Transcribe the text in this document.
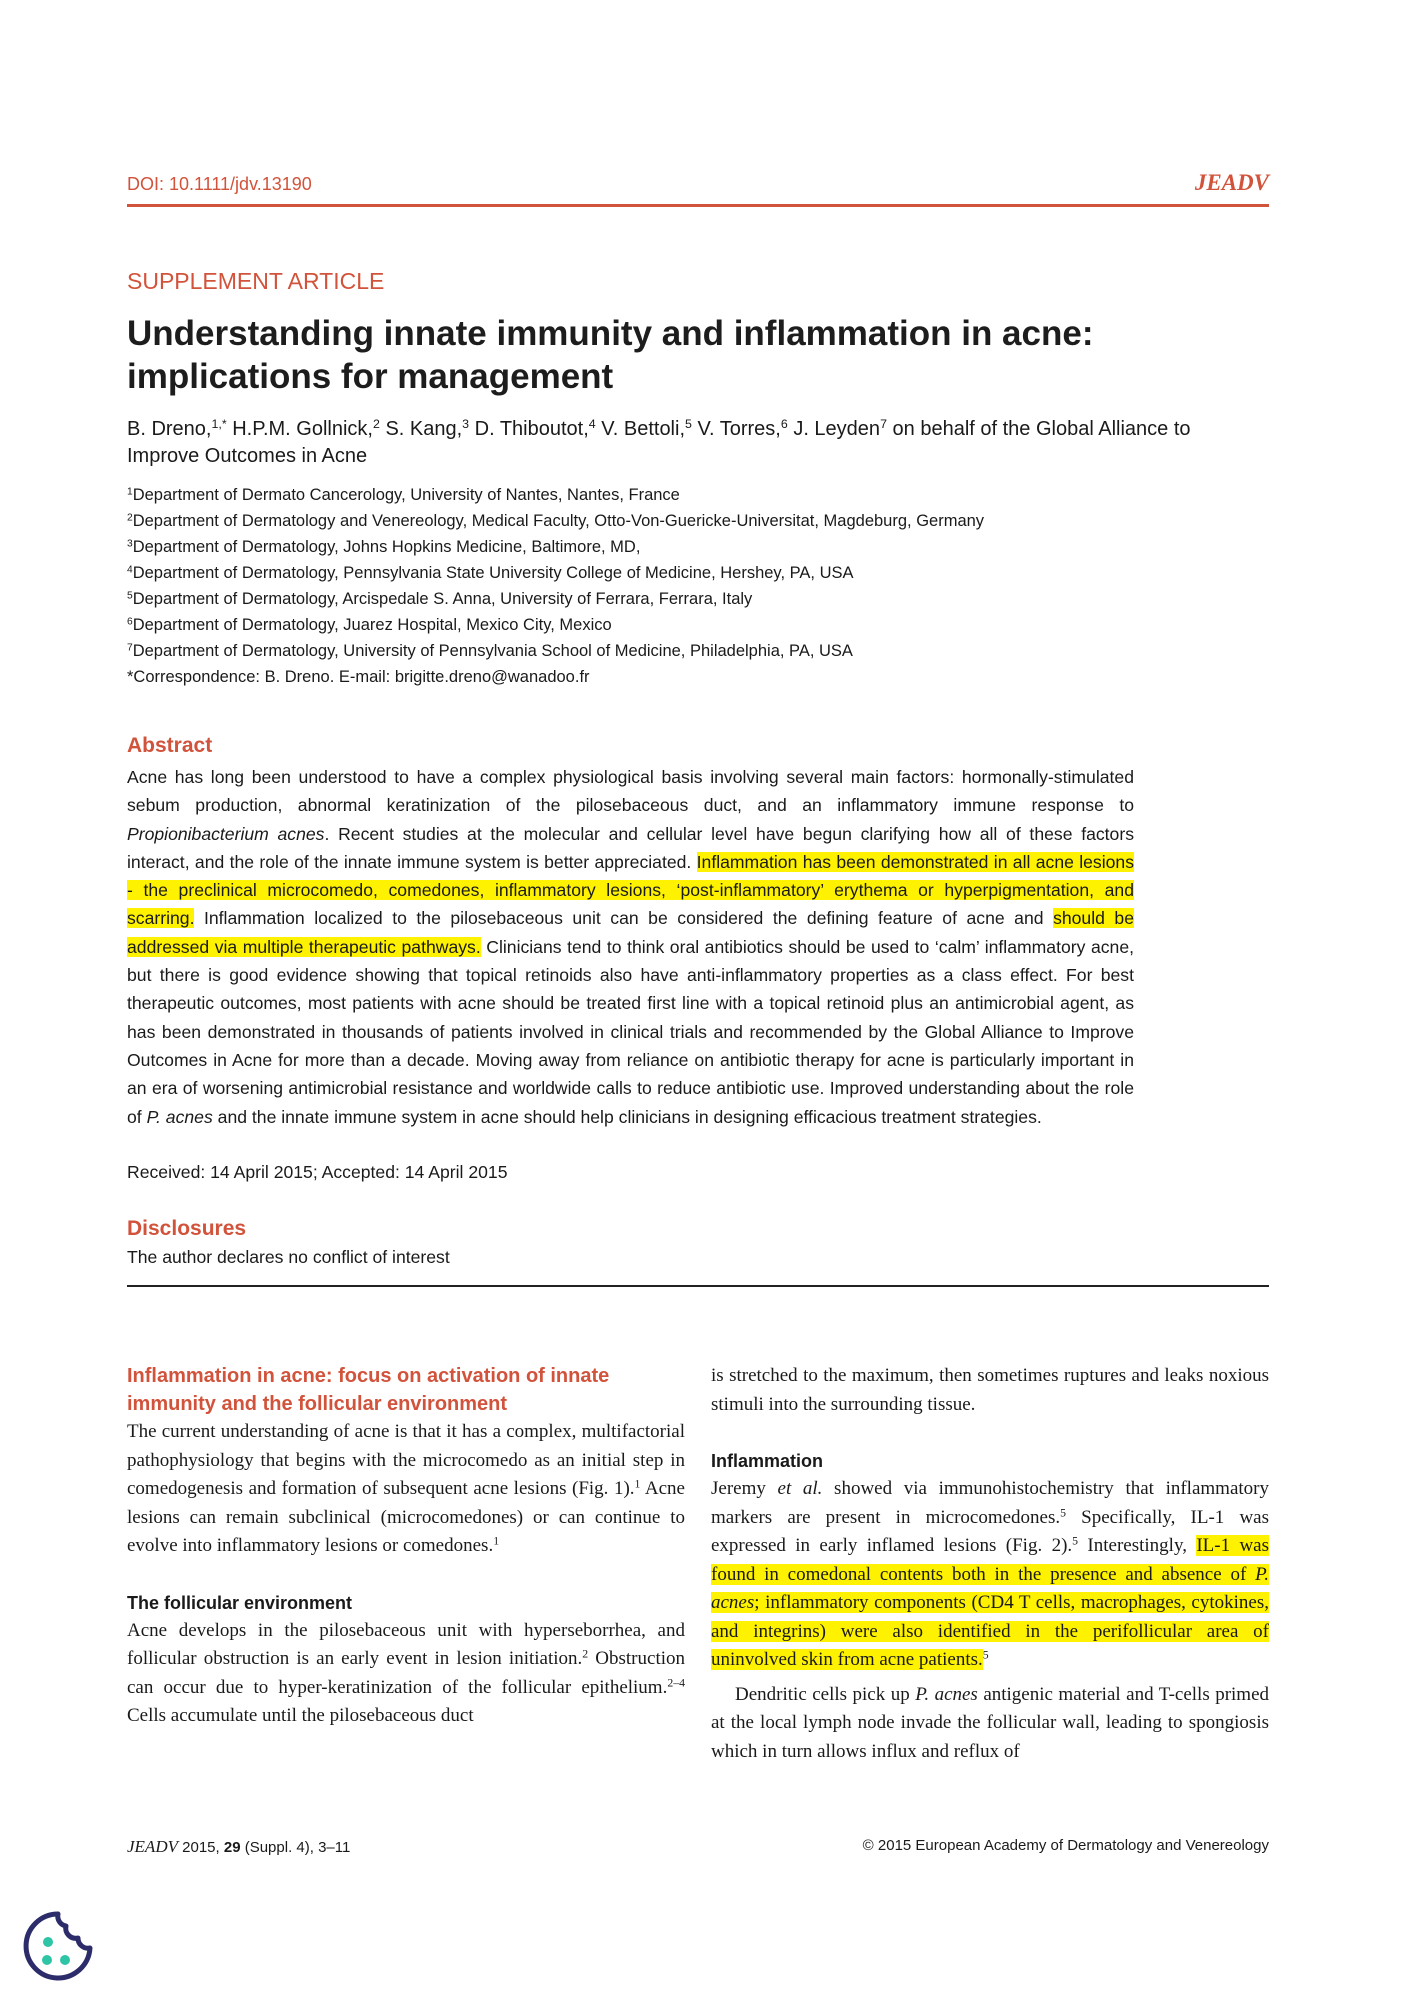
DOI: 10.1111/jdv.13190	JEADV
SUPPLEMENT ARTICLE
Understanding innate immunity and inflammation in acne: implications for management
B. Dreno,$^{1,*}$ H.P.M. Gollnick,$^2$ S. Kang,$^3$ D. Thiboutot,$^4$ V. Bettoli,$^5$ V. Torres,$^6$ J. Leyden$^7$ on behalf of the Global Alliance to Improve Outcomes in Acne
$^1$Department of Dermato Cancerology, University of Nantes, Nantes, France
$^2$Department of Dermatology and Venereology, Medical Faculty, Otto-Von-Guericke-Universitat, Magdeburg, Germany
$^3$Department of Dermatology, Johns Hopkins Medicine, Baltimore, MD,
$^4$Department of Dermatology, Pennsylvania State University College of Medicine, Hershey, PA, USA
$^5$Department of Dermatology, Arcispedale S. Anna, University of Ferrara, Ferrara, Italy
$^6$Department of Dermatology, Juarez Hospital, Mexico City, Mexico
$^7$Department of Dermatology, University of Pennsylvania School of Medicine, Philadelphia, PA, USA
*Correspondence: B. Dreno. E-mail: brigitte.dreno@wanadoo.fr
Abstract
Acne has long been understood to have a complex physiological basis involving several main factors: hormonally-stimulated sebum production, abnormal keratinization of the pilosebaceous duct, and an inflammatory immune response to Propionibacterium acnes. Recent studies at the molecular and cellular level have begun clarifying how all of these factors interact, and the role of the innate immune system is better appreciated. Inflammation has been demonstrated in all acne lesions - the preclinical microcomedo, comedones, inflammatory lesions, ‘post-inflammatory’ erythema or hyperpigmentation, and scarring. Inflammation localized to the pilosebaceous unit can be considered the defining feature of acne and should be addressed via multiple therapeutic pathways. Clinicians tend to think oral antibiotics should be used to ‘calm’ inflammatory acne, but there is good evidence showing that topical retinoids also have anti-inflammatory properties as a class effect. For best therapeutic outcomes, most patients with acne should be treated first line with a topical retinoid plus an antimicrobial agent, as has been demonstrated in thousands of patients involved in clinical trials and recommended by the Global Alliance to Improve Outcomes in Acne for more than a decade. Moving away from reliance on antibiotic therapy for acne is particularly important in an era of worsening antimicrobial resistance and worldwide calls to reduce antibiotic use. Improved understanding about the role of P. acnes and the innate immune system in acne should help clinicians in designing efficacious treatment strategies.
Received: 14 April 2015; Accepted: 14 April 2015
Disclosures
The author declares no conflict of interest
Inflammation in acne: focus on activation of innate immunity and the follicular environment

The current understanding of acne is that it has a complex, multifactorial pathophysiology that begins with the microcomedo as an initial step in comedogenesis and formation of subsequent acne lesions (Fig. 1).$^1$ Acne lesions can remain subclinical (microcomedones) or can continue to evolve into inflammatory lesions or comedones.$^1$

The follicular environment

Acne develops in the pilosebaceous unit with hyperseborrhea, and follicular obstruction is an early event in lesion initiation.$^2$ Obstruction can occur due to hyper-keratinization of the follicular epithelium.$^{2-4}$ Cells accumulate until the pilosebaceous duct

is stretched to the maximum, then sometimes ruptures and leaks noxious stimuli into the surrounding tissue.

Inflammation

Jeremy et al. showed via immunohistochemistry that inflammatory markers are present in microcomedones.$^5$ Specifically, IL-1 was expressed in early inflamed lesions (Fig. 2).$^5$ Interestingly, IL-1 was found in comedonal contents both in the presence and absence of P. acnes; inflammatory components (CD4 T cells, macrophages, cytokines, and integrins) were also identified in the perifollicular area of uninvolved skin from acne patients.$^5$

Dendritic cells pick up P. acnes antigenic material and T-cells primed at the local lymph node invade the follicular wall, leading to spongiosis which in turn allows influx and reflux of

JEADV 2015, 29 (Suppl. 4), 3–11	© 2015 European Academy of Dermatology and Venereology
